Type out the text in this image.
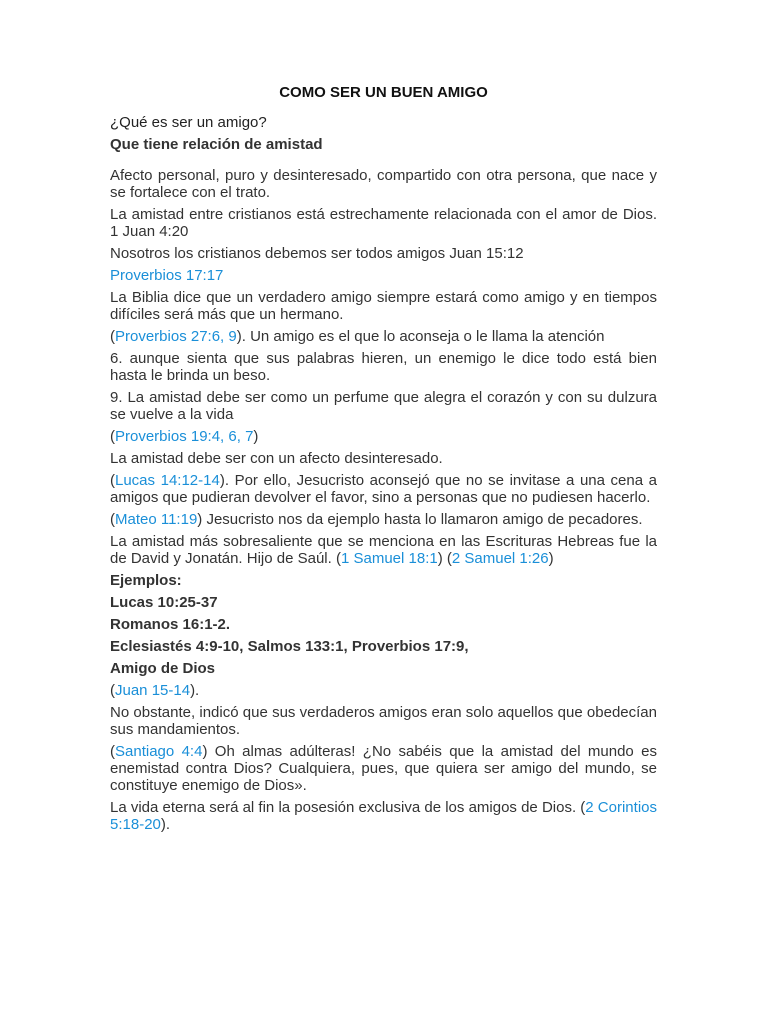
COMO SER UN BUEN AMIGO

¿Qué es ser un amigo?

Que tiene relación de amistad

Afecto personal, puro y desinteresado, compartido con otra persona, que nace y se fortalece con el trato.

La amistad entre cristianos está estrechamente relacionada con el amor de Dios. 1 Juan 4:20

Nosotros los cristianos debemos ser todos amigos Juan 15:12

Proverbios 17:17

La Biblia dice que un verdadero amigo siempre estará como amigo y en tiempos difíciles será más que un hermano.

(Proverbios 27:6, 9). Un amigo es el que lo aconseja o le llama la atención

6. aunque sienta que sus palabras hieren, un enemigo le dice todo está bien hasta le brinda un beso.

9. La amistad debe ser como un perfume que alegra el corazón y con su dulzura se vuelve a la vida

(Proverbios 19:4, 6, 7)

La amistad debe ser con un afecto desinteresado.

(Lucas 14:12-14). Por ello, Jesucristo aconsejó que no se invitase a una cena a amigos que pudieran devolver el favor, sino a personas que no pudiesen hacerlo.

(Mateo 11:19) Jesucristo nos da ejemplo hasta lo llamaron amigo de pecadores.

La amistad más sobresaliente que se menciona en las Escrituras Hebreas fue la de David y Jonatán. Hijo de Saúl. (1 Samuel 18:1) (2 Samuel 1:26)

Ejemplos:

Lucas 10:25-37

Romanos 16:1-2.

Eclesiastés 4:9-10, Salmos 133:1, Proverbios 17:9,

Amigo de Dios

(Juan 15-14).

No obstante, indicó que sus verdaderos amigos eran solo aquellos que obedecían sus mandamientos.

(Santiago 4:4) Oh almas adúlteras! ¿No sabéis que la amistad del mundo es enemistad contra Dios? Cualquiera, pues, que quiera ser amigo del mundo, se constituye enemigo de Dios».

La vida eterna será al fin la posesión exclusiva de los amigos de Dios. (2 Corintios 5:18-20).
